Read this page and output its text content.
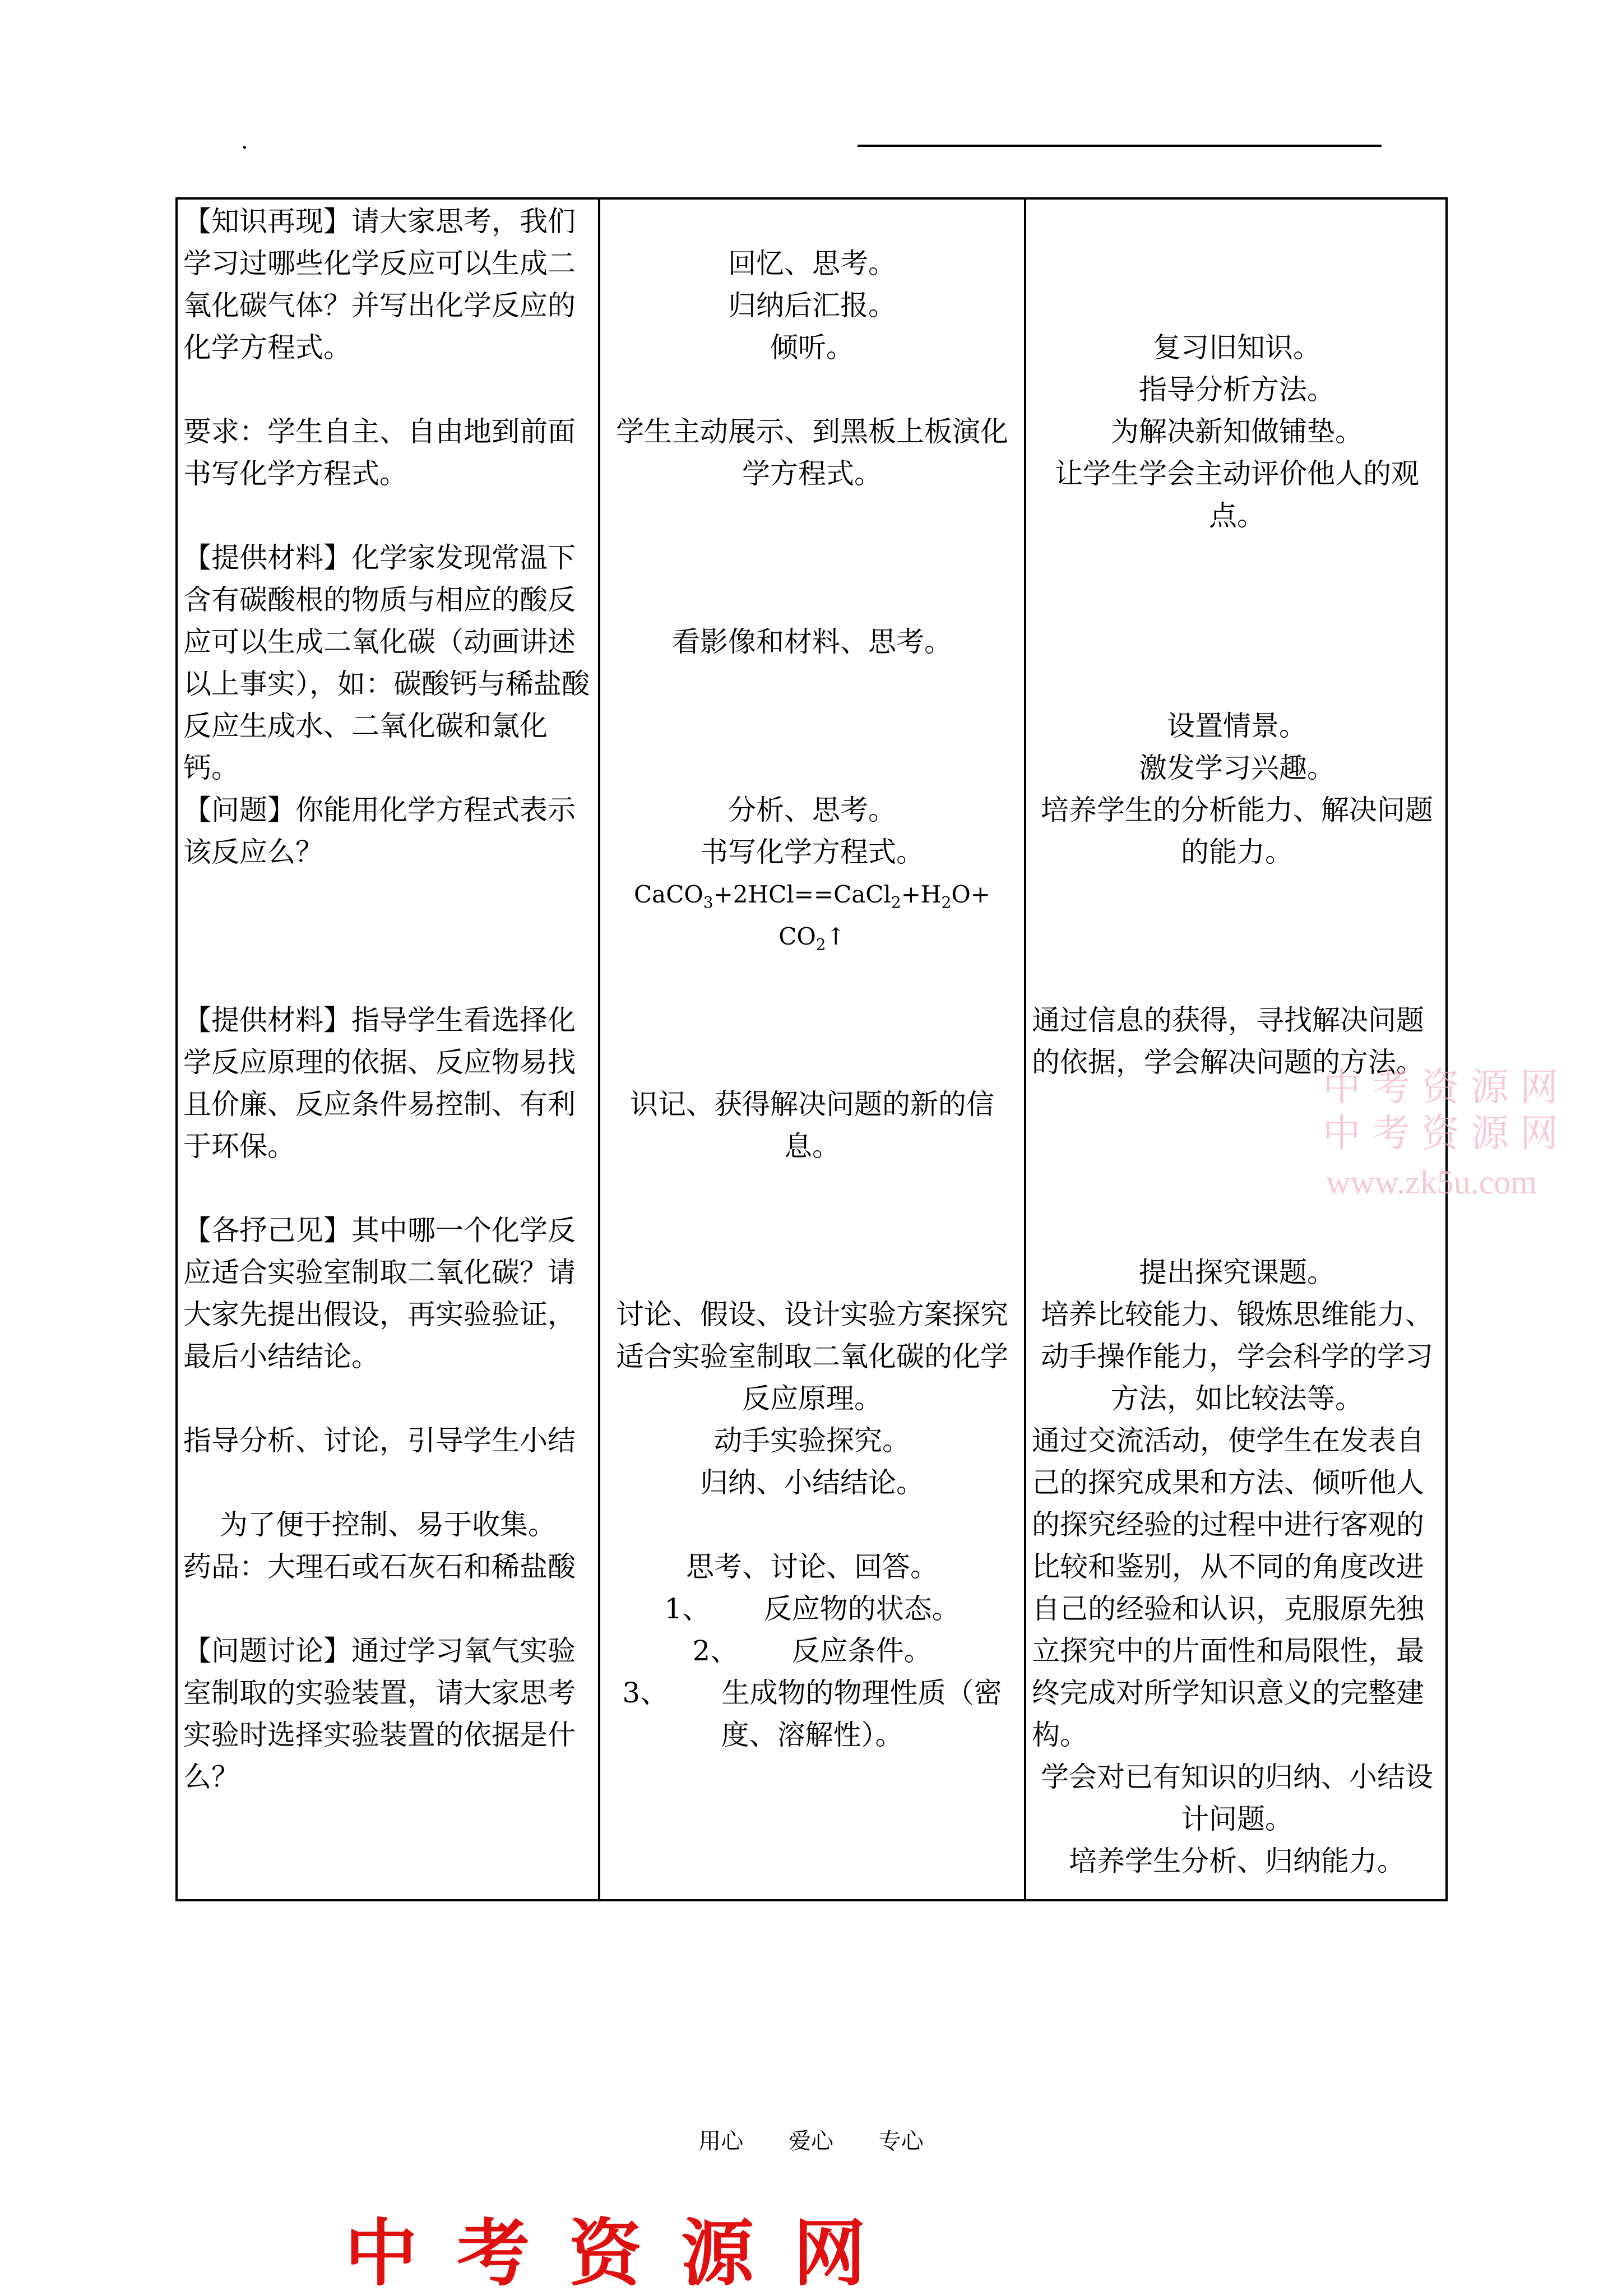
.
【知识再现】请大家思考，我们学习过哪些化学反应可以生成二氧化碳气体？并写出化学反应的化学方程式。
要求：学生自主、自由地到前面书写化学方程式。
【提供材料】化学家发现常温下含有碳酸根的物质与相应的酸反应可以生成二氧化碳（动画讲述以上事实），如：碳酸钙与稀盐酸反应生成水、二氧化碳和氯化钙。
【问题】你能用化学方程式表示该反应么？
【提供材料】指导学生看选择化学反应原理的依据、反应物易找且价廉、反应条件易控制、有利于环保。
【各抒己见】其中哪一个化学反应适合实验室制取二氧化碳？请大家先提出假设，再实验验证，最后小结结论。
指导分析、讨论，引导学生小结
为了便于控制、易于收集。
药品：大理石或石灰石和稀盐酸
【问题讨论】通过学习氧气实验室制取的实验装置，请大家思考实验时选择实验装置的依据是什么？
回忆、思考。
归纳后汇报。
倾听。
学生主动展示、到黑板上板演化学方程式。
看影像和材料、思考。
分析、思考。
书写化学方程式。
$CaCO_3+2HCl==CaCl_2+H_2O+$
$CO_2↑$
识记、获得解决问题的新的信息。
讨论、假设、设计实验方案探究适合实验室制取二氧化碳的化学反应原理。
动手实验探究。
归纳、小结结论。
思考、讨论、回答。
1、 反应物的状态。
2、 反应条件。
3、 生成物的物理性质（密度、溶解性）。
复习旧知识。
指导分析方法。
为解决新知做铺垫。
让学生学会主动评价他人的观点。
设置情景。
激发学习兴趣。
培养学生的分析能力、解决问题的能力。
通过信息的获得，寻找解决问题的依据，学会解决问题的方法。
提出探究课题。
培养比较能力、锻炼思维能力、动手操作能力，学会科学的学习方法，如比较法等。
通过交流活动，使学生在发表自己的探究成果和方法、倾听他人的探究经验的过程中进行客观的比较和鉴别，从不同的角度改进自己的经验和认识，克服原先独立探究中的片面性和局限性，最终完成对所学知识意义的完整建构。
学会对已有知识的归纳、小结设计问题。
培养学生分析、归纳能力。
中考资源网
中考资源网
www.zk5u.com
用心 爱心 专心
中考资源网
